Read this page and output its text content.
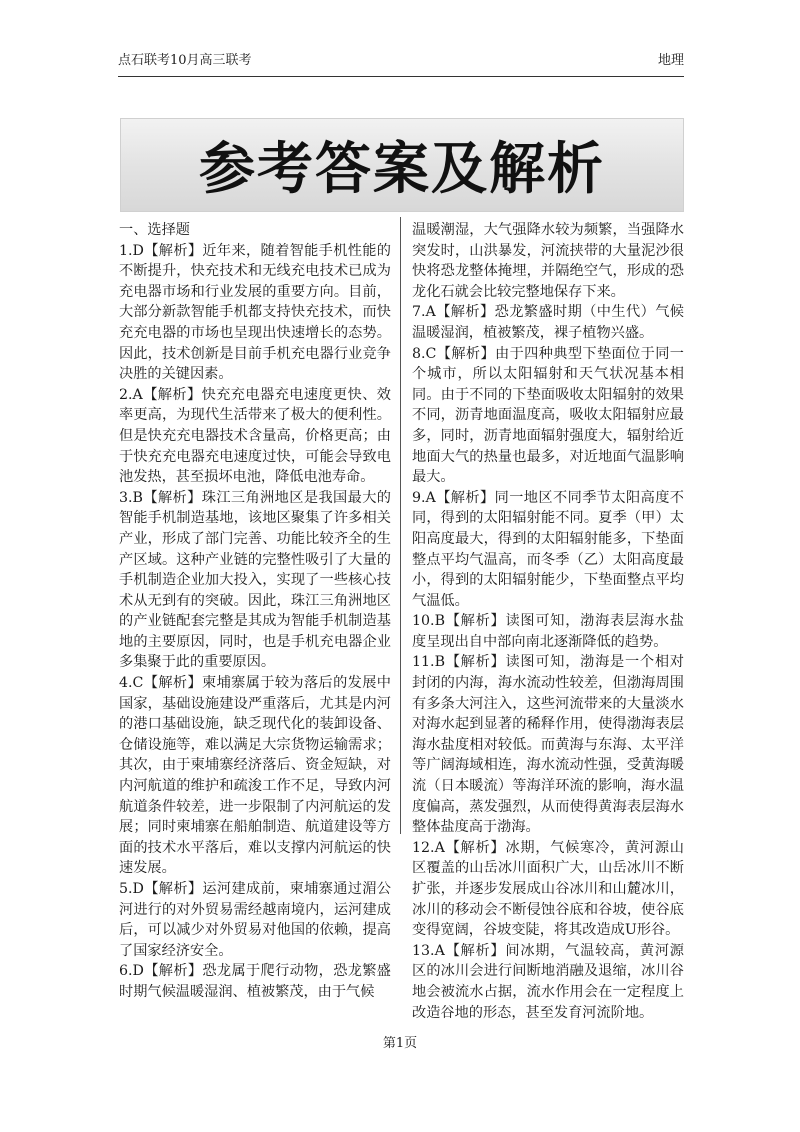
点石联考10月高三联考	地理
参考答案及解析

一、选择题

1.D【解析】近年来，随着智能手机性能的不断提升，快充技术和无线充电技术已成为充电器市场和行业发展的重要方向。目前，大部分新款智能手机都支持快充技术，而快充充电器的市场也呈现出快速增长的态势。因此，技术创新是目前手机充电器行业竞争决胜的关键因素。

2.A【解析】快充充电器充电速度更快、效率更高，为现代生活带来了极大的便利性。但是快充充电器技术含量高，价格更高；由于快充充电器充电速度过快，可能会导致电池发热，甚至损坏电池，降低电池寿命。

3.B【解析】珠江三角洲地区是我国最大的智能手机制造基地，该地区聚集了许多相关产业，形成了部门完善、功能比较齐全的生产区域。这种产业链的完整性吸引了大量的手机制造企业加大投入，实现了一些核心技术从无到有的突破。因此，珠江三角洲地区的产业链配套完整是其成为智能手机制造基地的主要原因，同时，也是手机充电器企业多集聚于此的重要原因。

4.C【解析】柬埔寨属于较为落后的发展中国家，基础设施建设严重落后，尤其是内河的港口基础设施，缺乏现代化的装卸设备、仓储设施等，难以满足大宗货物运输需求；其次，由于柬埔寨经济落后、资金短缺，对内河航道的维护和疏浚工作不足，导致内河航道条件较差，进一步限制了内河航运的发展；同时柬埔寨在船舶制造、航道建设等方面的技术水平落后，难以支撑内河航运的快速发展。

5.D【解析】运河建成前，柬埔寨通过湄公河进行的对外贸易需经越南境内，运河建成后，可以减少对外贸易对他国的依赖，提高了国家经济安全。

6.D【解析】恐龙属于爬行动物，恐龙繁盛时期气候温暖湿润、植被繁茂，由于气候

温暖潮湿，大气强降水较为频繁，当强降水突发时，山洪暴发，河流挟带的大量泥沙很快将恐龙整体掩埋，并隔绝空气，形成的恐龙化石就会比较完整地保存下来。

7.A【解析】恐龙繁盛时期（中生代）气候温暖湿润，植被繁茂，裸子植物兴盛。

8.C【解析】由于四种典型下垫面位于同一个城市，所以太阳辐射和天气状况基本相同。由于不同的下垫面吸收太阳辐射的效果不同，沥青地面温度高，吸收太阳辐射应最多，同时，沥青地面辐射强度大，辐射给近地面大气的热量也最多，对近地面气温影响最大。

9.A【解析】同一地区不同季节太阳高度不同，得到的太阳辐射能不同。夏季（甲）太阳高度最大，得到的太阳辐射能多，下垫面整点平均气温高，而冬季（乙）太阳高度最小，得到的太阳辐射能少，下垫面整点平均气温低。

10.B【解析】读图可知，渤海表层海水盐度呈现出自中部向南北逐渐降低的趋势。

11.B【解析】读图可知，渤海是一个相对封闭的内海，海水流动性较差，但渤海周围有多条大河注入，这些河流带来的大量淡水对海水起到显著的稀释作用，使得渤海表层海水盐度相对较低。而黄海与东海、太平洋等广阔海域相连，海水流动性强，受黄海暖流（日本暖流）等海洋环流的影响，海水温度偏高，蒸发强烈，从而使得黄海表层海水整体盐度高于渤海。

12.A【解析】冰期，气候寒冷，黄河源山区覆盖的山岳冰川面积广大，山岳冰川不断扩张，并逐步发展成山谷冰川和山麓冰川，冰川的移动会不断侵蚀谷底和谷坡，使谷底变得宽阔，谷坡变陡，将其改造成U形谷。

13.A【解析】间冰期，气温较高，黄河源区的冰川会进行间断地消融及退缩，冰川谷地会被流水占据，流水作用会在一定程度上改造谷地的形态，甚至发育河流阶地。

第1页
